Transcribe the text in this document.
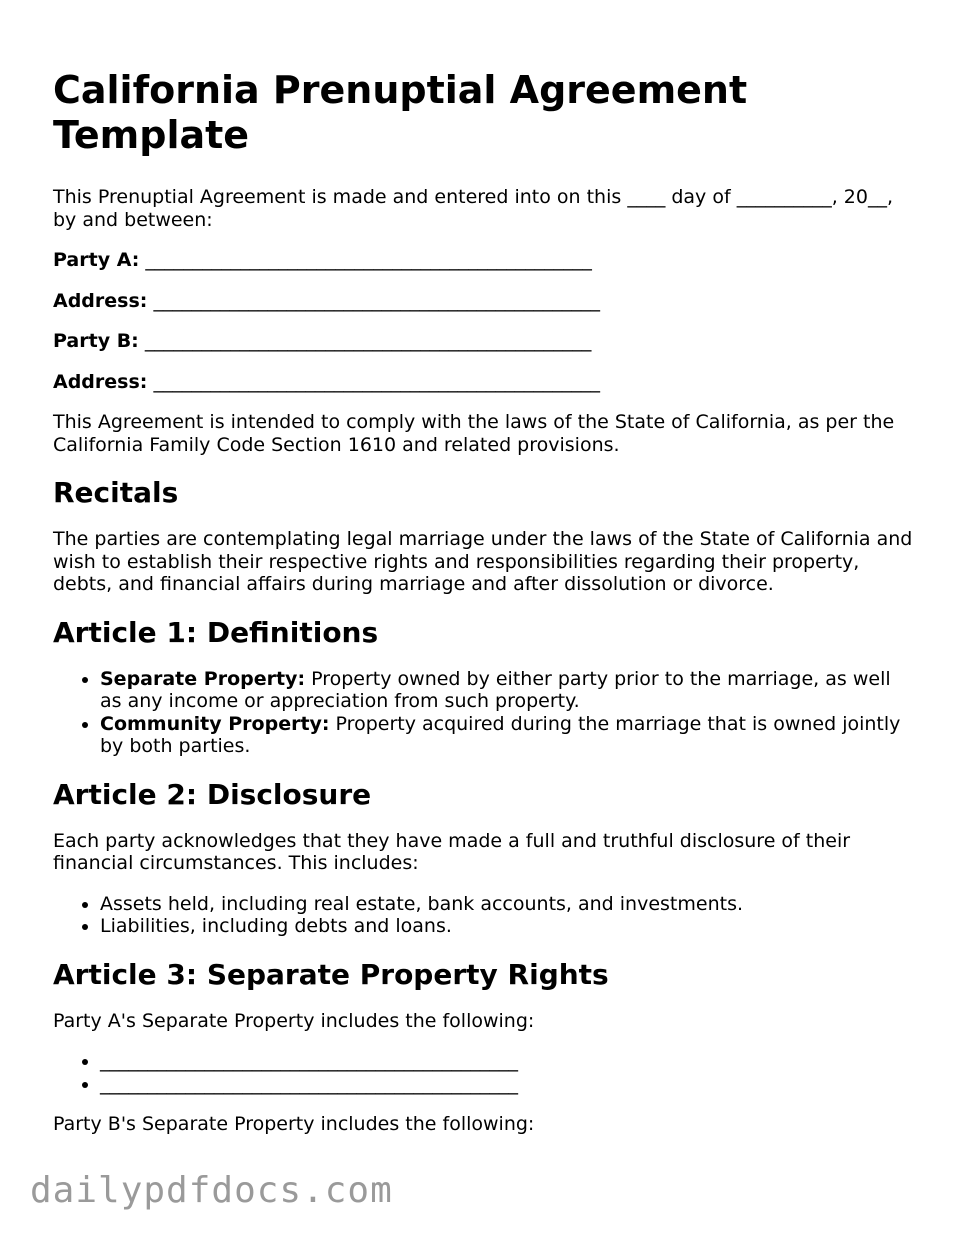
California Prenuptial Agreement Template

This Prenuptial Agreement is made and entered into on this ____ day of __________, 20__, by and between:

Party A: _______________________________________________

Address: _______________________________________________

Party B: _______________________________________________

Address: _______________________________________________

This Agreement is intended to comply with the laws of the State of California, as per the California Family Code Section 1610 and related provisions.

Recitals

The parties are contemplating legal marriage under the laws of the State of California and wish to establish their respective rights and responsibilities regarding their property, debts, and financial affairs during marriage and after dissolution or divorce.

Article 1: Definitions
• Separate Property: Property owned by either party prior to the marriage, as well as any income or appreciation from such property.
• Community Property: Property acquired during the marriage that is owned jointly by both parties.
Article 2: Disclosure

Each party acknowledges that they have made a full and truthful disclosure of their financial circumstances. This includes:

• Assets held, including real estate, bank accounts, and investments.
• Liabilities, including debts and loans.
Article 3: Separate Property Rights

Party A's Separate Property includes the following:

• ____________________________________________
• ____________________________________________

Party B's Separate Property includes the following:

dailypdfdocs.com
